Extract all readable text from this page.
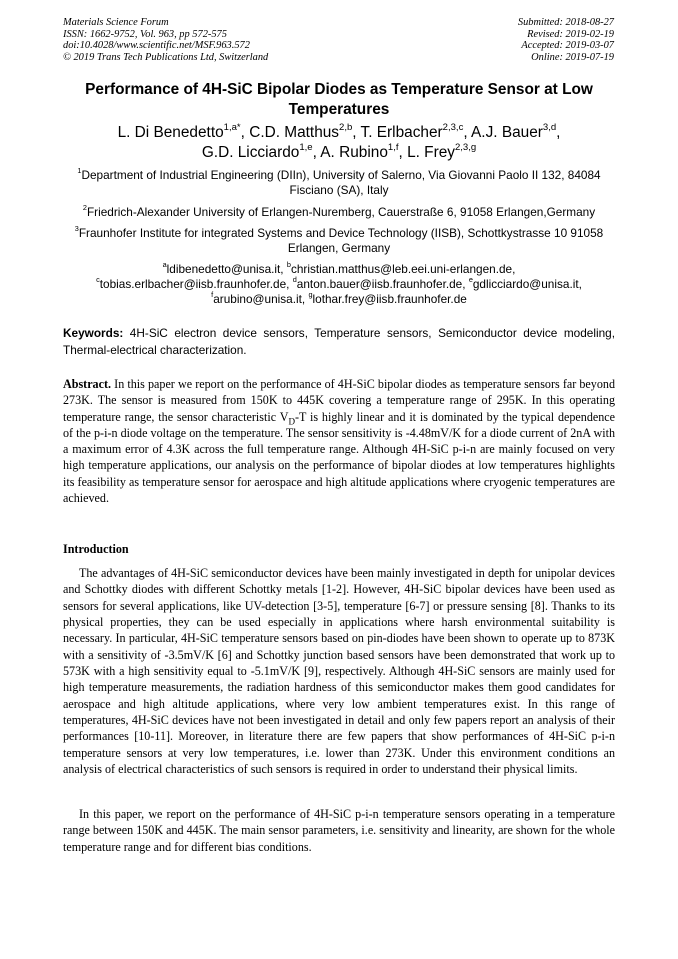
Materials Science Forum
ISSN: 1662-9752, Vol. 963, pp 572-575
doi:10.4028/www.scientific.net/MSF.963.572
© 2019 Trans Tech Publications Ltd, Switzerland
Submitted: 2018-08-27
Revised: 2019-02-19
Accepted: 2019-03-07
Online: 2019-07-19
Performance of 4H-SiC Bipolar Diodes as Temperature Sensor at Low Temperatures
L. Di Benedetto$^{1,a*}$, C.D. Matthus$^{2,b}$, T. Erlbacher$^{2,3,c}$, A.J. Bauer$^{3,d}$,
G.D. Licciardo$^{1,e}$, A. Rubino$^{1,f}$, L. Frey$^{2,3,g}$
$^1$Department of Industrial Engineering (DIIn), University of Salerno, Via Giovanni Paolo II 132, 84084 Fisciano (SA), Italy
$^2$Friedrich-Alexander University of Erlangen-Nuremberg, Cauerstraße 6, 91058 Erlangen,Germany
$^3$Fraunhofer Institute for integrated Systems and Device Technology (IISB), Schottkystrasse 10 91058 Erlangen, Germany
$^a$ldibenedetto@unisa.it, $^b$christian.matthus@leb.eei.uni-erlangen.de,
$^c$tobias.erlbacher@iisb.fraunhofer.de, $^d$anton.bauer@iisb.fraunhofer.de, $^e$gdlicciardo@unisa.it,
$^f$arubino@unisa.it, $^g$lothar.frey@iisb.fraunhofer.de
Keywords: 4H-SiC electron device sensors, Temperature sensors, Semiconductor device modeling, Thermal-electrical characterization.
Abstract. In this paper we report on the performance of 4H-SiC bipolar diodes as temperature sensors far beyond 273K. The sensor is measured from 150K to 445K covering a temperature range of 295K. In this operating temperature range, the sensor characteristic $V_D-T$ is highly linear and it is dominated by the typical dependence of the p-i-n diode voltage on the temperature. The sensor sensitivity is -4.48mV/K for a diode current of 2nA with a maximum error of 4.3K across the full temperature range. Although 4H-SiC p-i-n are mainly focused on very high temperature applications, our analysis on the performance of bipolar diodes at low temperatures highlights its feasibility as temperature sensor for aerospace and high altitude applications where cryogenic temperatures are achieved.
Introduction
The advantages of 4H-SiC semiconductor devices have been mainly investigated in depth for unipolar devices and Schottky diodes with different Schottky metals [1-2]. However, 4H-SiC bipolar devices have been used as sensors for several applications, like UV-detection [3-5], temperature [6-7] or pressure sensing [8]. Thanks to its physical properties, they can be used especially in applications where harsh environmental suitability is necessary. In particular, 4H-SiC temperature sensors based on pin-diodes have been shown to operate up to 873K with a sensitivity of -3.5mV/K [6] and Schottky junction based sensors have been demonstrated that work up to 573K with a high sensitivity equal to -5.1mV/K [9], respectively. Although 4H-SiC sensors are mainly used for high temperature measurements, the radiation hardness of this semiconductor makes them good candidates for aerospace and high altitude applications, where very low ambient temperatures exist. In this range of temperatures, 4H-SiC devices have not been investigated in detail and only few papers report an analysis of their performances [10-11]. Moreover, in literature there are few papers that show performances of 4H-SiC p-i-n temperature sensors at very low temperatures, i.e. lower than 273K. Under this environment conditions an analysis of electrical characteristics of such sensors is required in order to understand their physical limits.
In this paper, we report on the performance of 4H-SiC p-i-n temperature sensors operating in a temperature range between 150K and 445K. The main sensor parameters, i.e. sensitivity and linearity, are shown for the whole temperature range and for different bias conditions.
